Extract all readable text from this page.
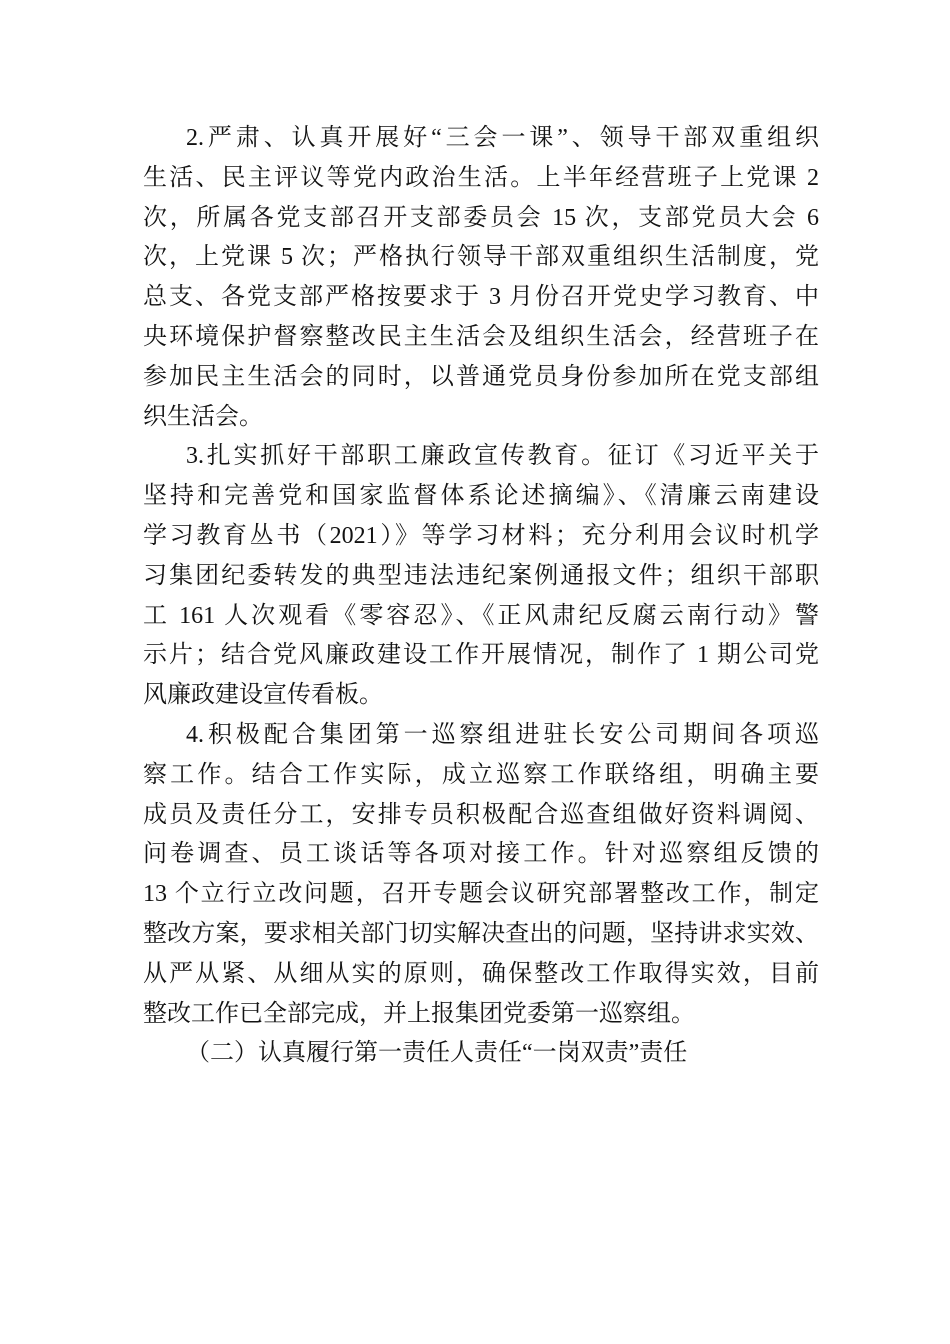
2.严肃、认真开展好“三会一课”、领导干部双重组织
生活、民主评议等党内政治生活。上半年经营班子上党课 2
次，所属各党支部召开支部委员会 15 次，支部党员大会 6
次，上党课 5 次；严格执行领导干部双重组织生活制度，党
总支、各党支部严格按要求于 3 月份召开党史学习教育、中
央环境保护督察整改民主生活会及组织生活会，经营班子在
参加民主生活会的同时，以普通党员身份参加所在党支部组
织生活会。
3.扎实抓好干部职工廉政宣传教育。征订《习近平关于
坚持和完善党和国家监督体系论述摘编》、《清廉云南建设
学习教育丛书（2021）》等学习材料；充分利用会议时机学
习集团纪委转发的典型违法违纪案例通报文件；组织干部职
工 161 人次观看《零容忍》、《正风肃纪反腐云南行动》警
示片；结合党风廉政建设工作开展情况，制作了 1 期公司党
风廉政建设宣传看板。
4.积极配合集团第一巡察组进驻长安公司期间各项巡
察工作。结合工作实际，成立巡察工作联络组，明确主要
成员及责任分工，安排专员积极配合巡查组做好资料调阅、
问卷调查、员工谈话等各项对接工作。针对巡察组反馈的
13 个立行立改问题，召开专题会议研究部署整改工作，制定
整改方案，要求相关部门切实解决查出的问题，坚持讲求实效、
从严从紧、从细从实的原则，确保整改工作取得实效，目前
整改工作已全部完成，并上报集团党委第一巡察组。
（二）认真履行第一责任人责任“一岗双责”责任
